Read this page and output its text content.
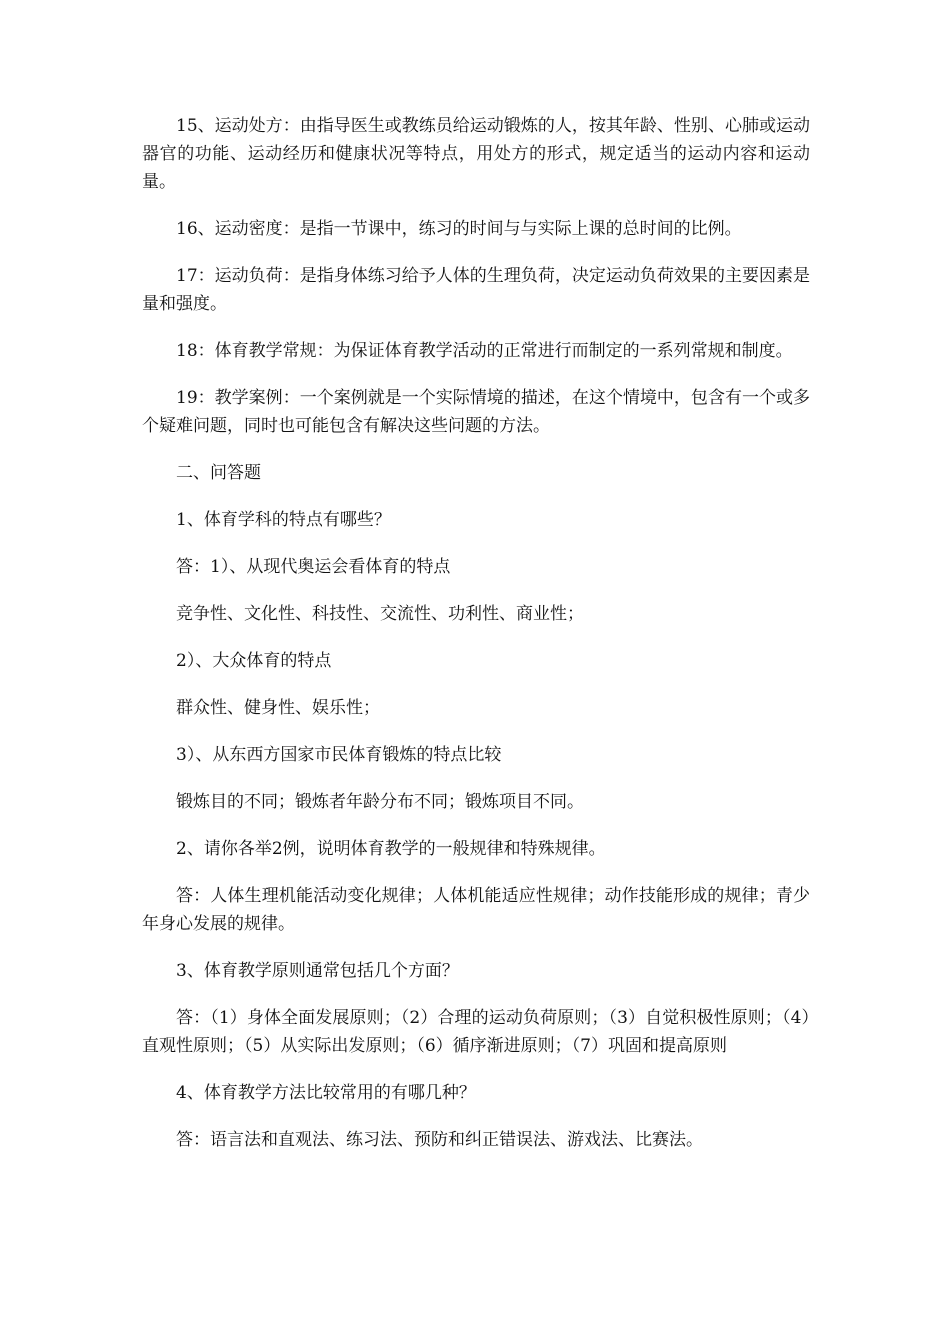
15、运动处方：由指导医生或教练员给运动锻炼的人，按其年龄、性别、心肺或运动器官的功能、运动经历和健康状况等特点，用处方的形式，规定适当的运动内容和运动量。

16、运动密度：是指一节课中，练习的时间与与实际上课的总时间的比例。

17：运动负荷：是指身体练习给予人体的生理负荷，决定运动负荷效果的主要因素是量和强度。

18：体育教学常规：为保证体育教学活动的正常进行而制定的一系列常规和制度。

19：教学案例：一个案例就是一个实际情境的描述，在这个情境中，包含有一个或多个疑难问题，同时也可能包含有解决这些问题的方法。

二、问答题

1、体育学科的特点有哪些？

答：1）、从现代奥运会看体育的特点

竞争性、文化性、科技性、交流性、功利性、商业性；

2）、大众体育的特点

群众性、健身性、娱乐性；

3）、从东西方国家市民体育锻炼的特点比较

锻炼目的不同；锻炼者年龄分布不同；锻炼项目不同。

2、请你各举2例，说明体育教学的一般规律和特殊规律。

答：人体生理机能活动变化规律；人体机能适应性规律；动作技能形成的规律；青少年身心发展的规律。

3、体育教学原则通常包括几个方面？

答：（1）身体全面发展原则；（2）合理的运动负荷原则；（3）自觉积极性原则；（4）直观性原则；（5）从实际出发原则；（6）循序渐进原则；（7）巩固和提高原则

4、体育教学方法比较常用的有哪几种？

答：语言法和直观法、练习法、预防和纠正错误法、游戏法、比赛法。
